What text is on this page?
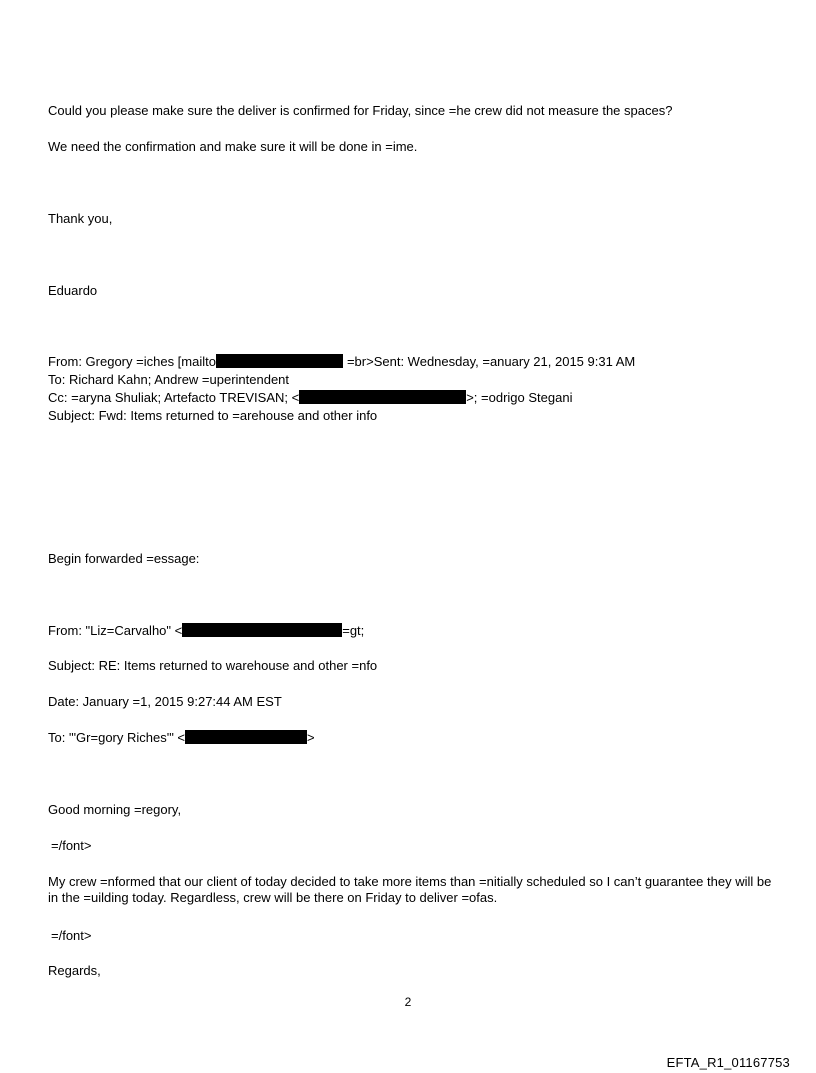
Could you please make sure the deliver is confirmed for Friday, since =he crew did not measure the spaces?
We need the confirmation and make sure it will be done in =ime.
Thank you,
Eduardo
From: Gregory =iches [mailto	=br>Sent: Wednesday, =anuary 21, 2015 9:31 AM
To: Richard Kahn; Andrew =uperintendent
Cc: =aryna Shuliak; Artefacto TREVISAN; <	>; =odrigo Stegani
Subject: Fwd: Items returned to =arehouse and other info
Begin forwarded =essage:
From: "Liz=Carvalho" <	=gt;
Subject: RE: Items returned to warehouse and other =nfo
Date: January =1, 2015 9:27:44 AM EST
To: "'Gr=gory Riches'" <	>
Good morning =regory,
=/font>
My crew =nformed that our client of today decided to take more items than =nitially scheduled so I can’t guarantee they will be in the =uilding today. Regardless, crew will be there on Friday to deliver =ofas.
=/font>
Regards,
2
EFTA_R1_01167753
